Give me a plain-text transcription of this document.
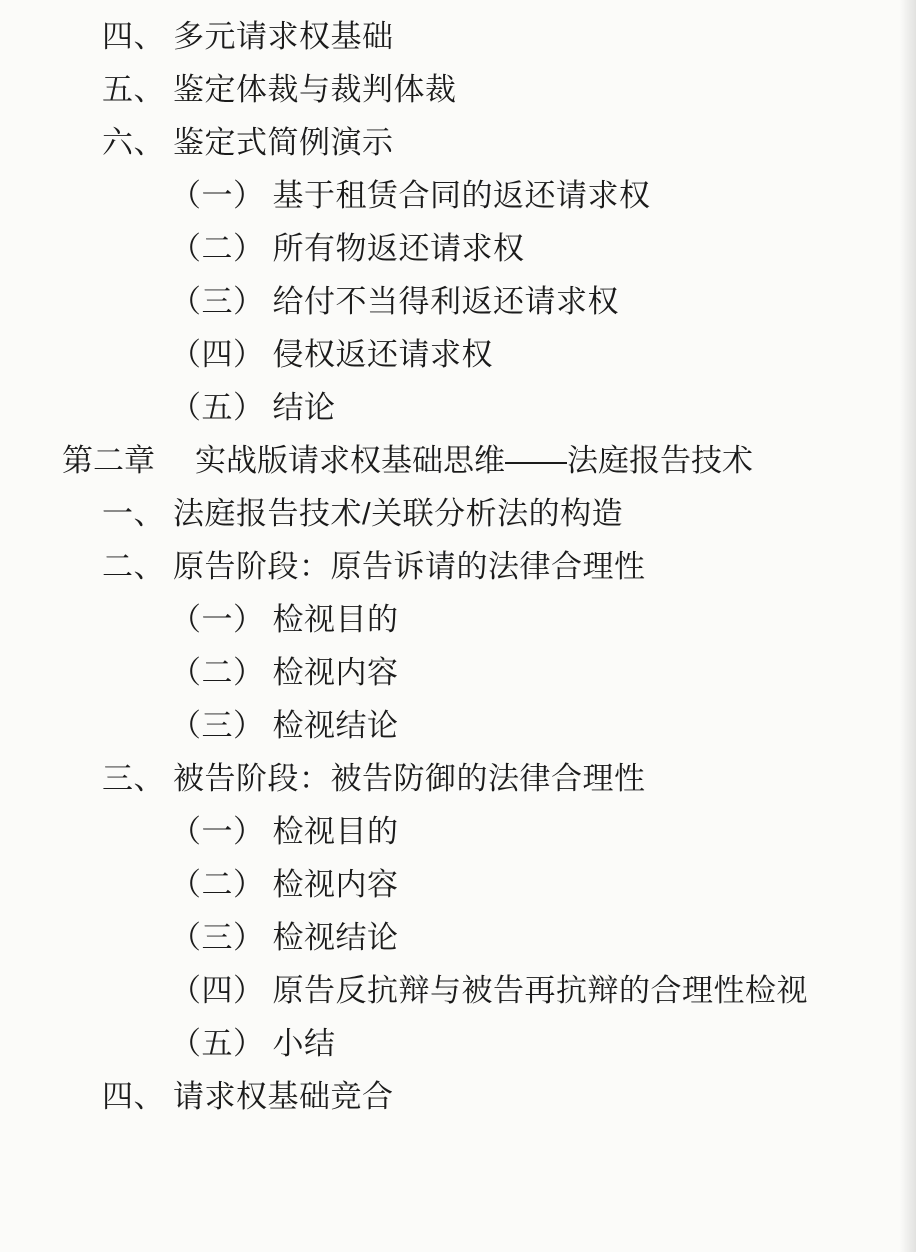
四、 多元请求权基础
五、 鉴定体裁与裁判体裁
六、 鉴定式简例演示
（一） 基于租赁合同的返还请求权
（二） 所有物返还请求权
（三） 给付不当得利返还请求权
（四） 侵权返还请求权
（五） 结论
第二章 实战版请求权基础思维——法庭报告技术
一、 法庭报告技术/关联分析法的构造
二、 原告阶段：原告诉请的法律合理性
（一） 检视目的
（二） 检视内容
（三） 检视结论
三、 被告阶段：被告防御的法律合理性
（一） 检视目的
（二） 检视内容
（三） 检视结论
（四） 原告反抗辩与被告再抗辩的合理性检视
（五） 小结
四、 请求权基础竞合
